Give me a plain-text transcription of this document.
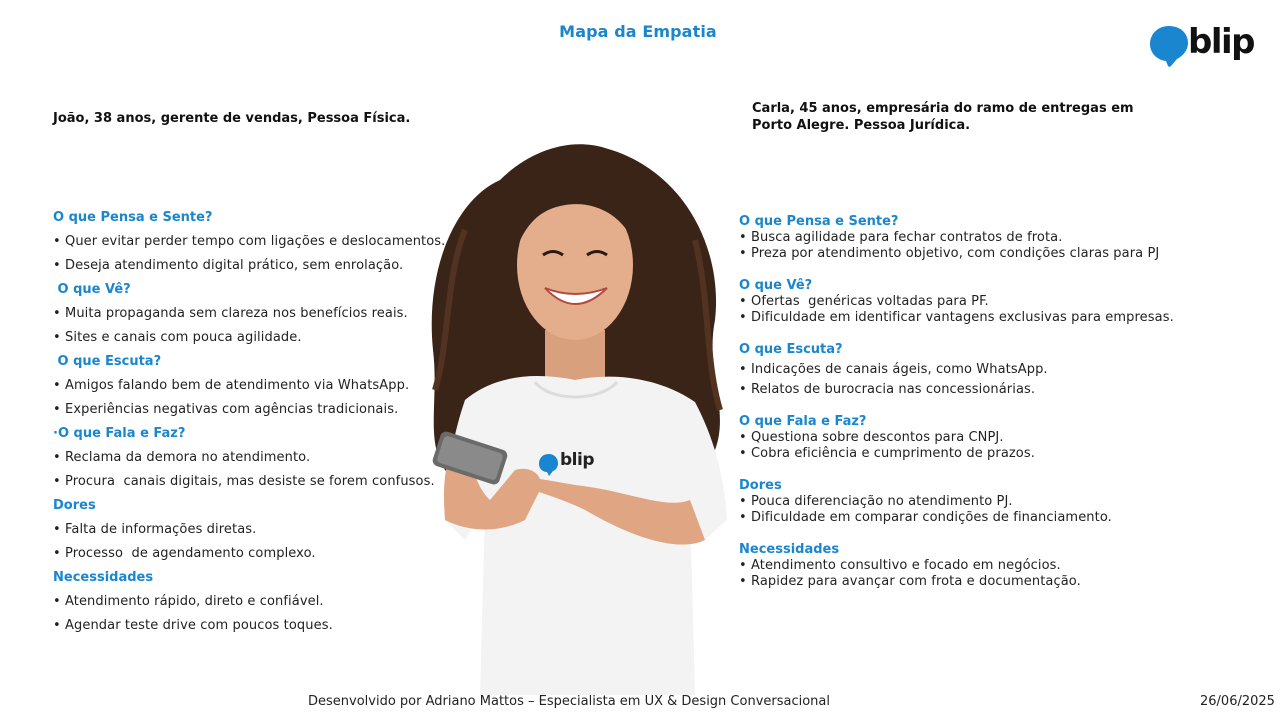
Mapa da Empatia	blip
João, 38 anos, gerente de vendas, Pessoa Física.
Carla, 45 anos, empresária do ramo de entregas em Porto Alegre. Pessoa Jurídica.
O que Pensa e Sente?
• Quer evitar perder tempo com ligações e deslocamentos.
• Deseja atendimento digital prático, sem enrolação.
O que Vê?
• Muita propaganda sem clareza nos benefícios reais.
• Sites e canais com pouca agilidade.
O que Escuta?
• Amigos falando bem de atendimento via WhatsApp.
• Experiências negativas com agências tradicionais.
·O que Fala e Faz?
• Reclama da demora no atendimento.
• Procura  canais digitais, mas desiste se forem confusos.
Dores
• Falta de informações diretas.
• Processo  de agendamento complexo.
Necessidades
• Atendimento rápido, direto e confiável.
• Agendar teste drive com poucos toques.
blip
O que Pensa e Sente?
• Busca agilidade para fechar contratos de frota.
• Preza por atendimento objetivo, com condições claras para PJ
O que Vê?
• Ofertas  genéricas voltadas para PF.
• Dificuldade em identificar vantagens exclusivas para empresas.
O que Escuta?
• Indicações de canais ágeis, como WhatsApp.
• Relatos de burocracia nas concessionárias.
O que Fala e Faz?
• Questiona sobre descontos para CNPJ.
• Cobra eficiência e cumprimento de prazos.
Dores
• Pouca diferenciação no atendimento PJ.
• Dificuldade em comparar condições de financiamento.
Necessidades
• Atendimento consultivo e focado em negócios.
• Rapidez para avançar com frota e documentação.
Desenvolvido por Adriano Mattos – Especialista em UX & Design Conversacional	26/06/2025
